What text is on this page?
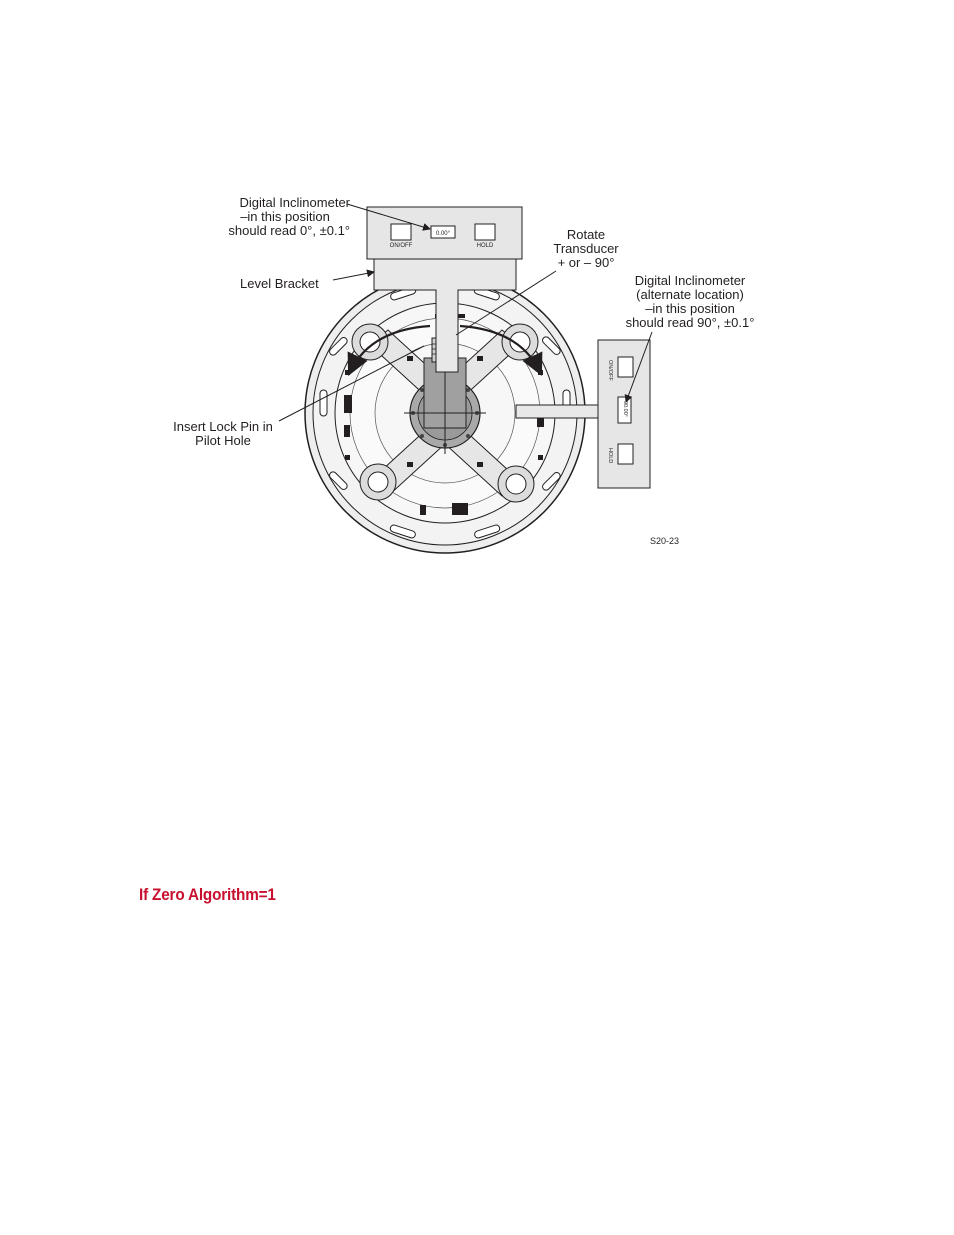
0.00°
ON/OFF	HOLD
90.00°
ON/OFF
HOLD
Digital Inclinometer
–in this position
should read 0°, ±0.1°	Rotate
Transducer
+ or – 90°
Digital Inclinometer
(alternate location)
–in this position
should read 90°, ±0.1°
Level Bracket
Insert Lock Pin in
Pilot Hole
S20-23
If Zero Algorithm=1
